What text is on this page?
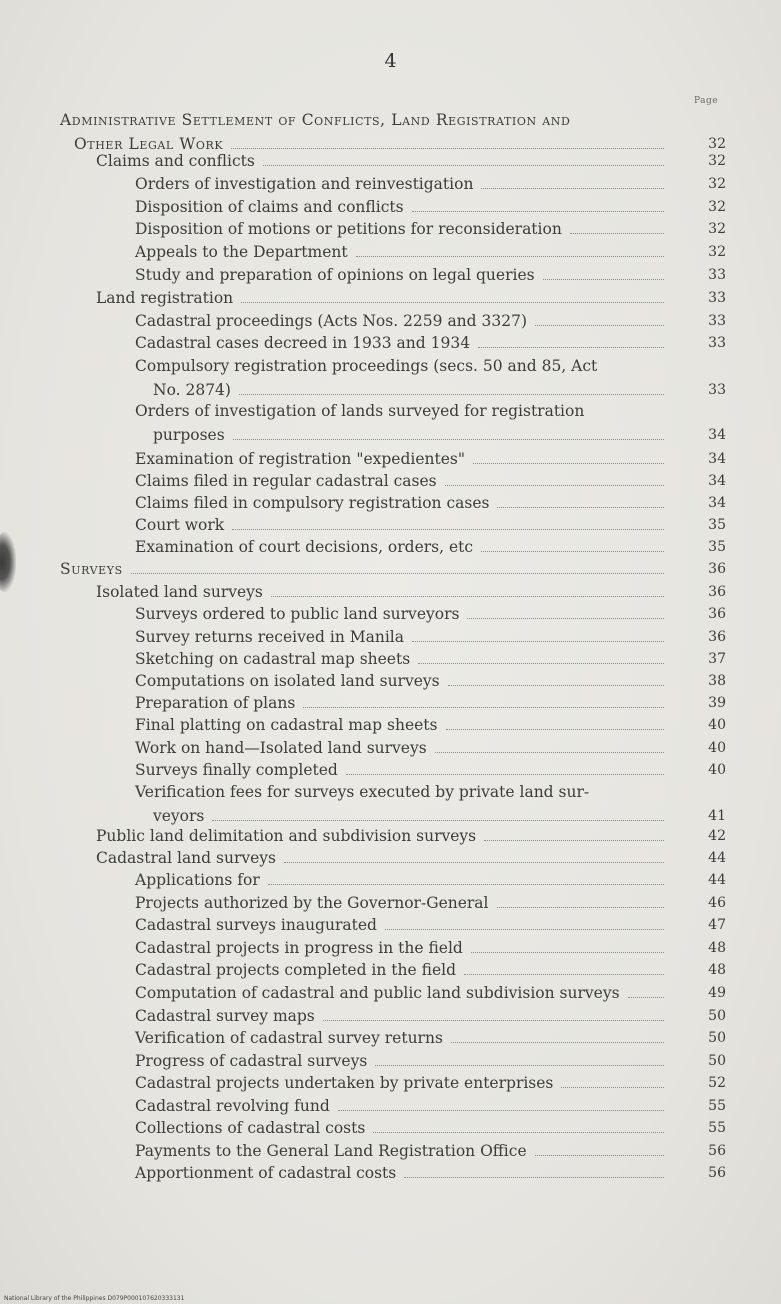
4
Page
Administrative Settlement of Conflicts, Land Registration and
Other Legal Work	32
Claims and conflicts	32
Orders of investigation and reinvestigation	32
Disposition of claims and conflicts	32
Disposition of motions or petitions for reconsideration	32
Appeals to the Department	32
Study and preparation of opinions on legal queries	33
Land registration	33
Cadastral proceedings (Acts Nos. 2259 and 3327)	33
Cadastral cases decreed in 1933 and 1934	33
Compulsory registration proceedings (secs. 50 and 85, Act
No. 2874)	33
Orders of investigation of lands surveyed for registration
purposes	34
Examination of registration "expedientes"	34
Claims filed in regular cadastral cases	34
Claims filed in compulsory registration cases	34
Court work	35
Examination of court decisions, orders, etc	35
Surveys	36
Isolated land surveys	36
Surveys ordered to public land surveyors	36
Survey returns received in Manila	36
Sketching on cadastral map sheets	37
Computations on isolated land surveys	38
Preparation of plans	39
Final platting on cadastral map sheets	40
Work on hand—Isolated land surveys	40
Surveys finally completed	40
Verification fees for surveys executed by private land sur-
veyors	41
Public land delimitation and subdivision surveys	42
Cadastral land surveys	44
Applications for	44
Projects authorized by the Governor-General	46
Cadastral surveys inaugurated	47
Cadastral projects in progress in the field	48
Cadastral projects completed in the field	48
Computation of cadastral and public land subdivision surveys	49
Cadastral survey maps	50
Verification of cadastral survey returns	50
Progress of cadastral surveys	50
Cadastral projects undertaken by private enterprises	52
Cadastral revolving fund	55
Collections of cadastral costs	55
Payments to the General Land Registration Office	56
Apportionment of cadastral costs	56
National Library of the Philippines D079P000107620333131
